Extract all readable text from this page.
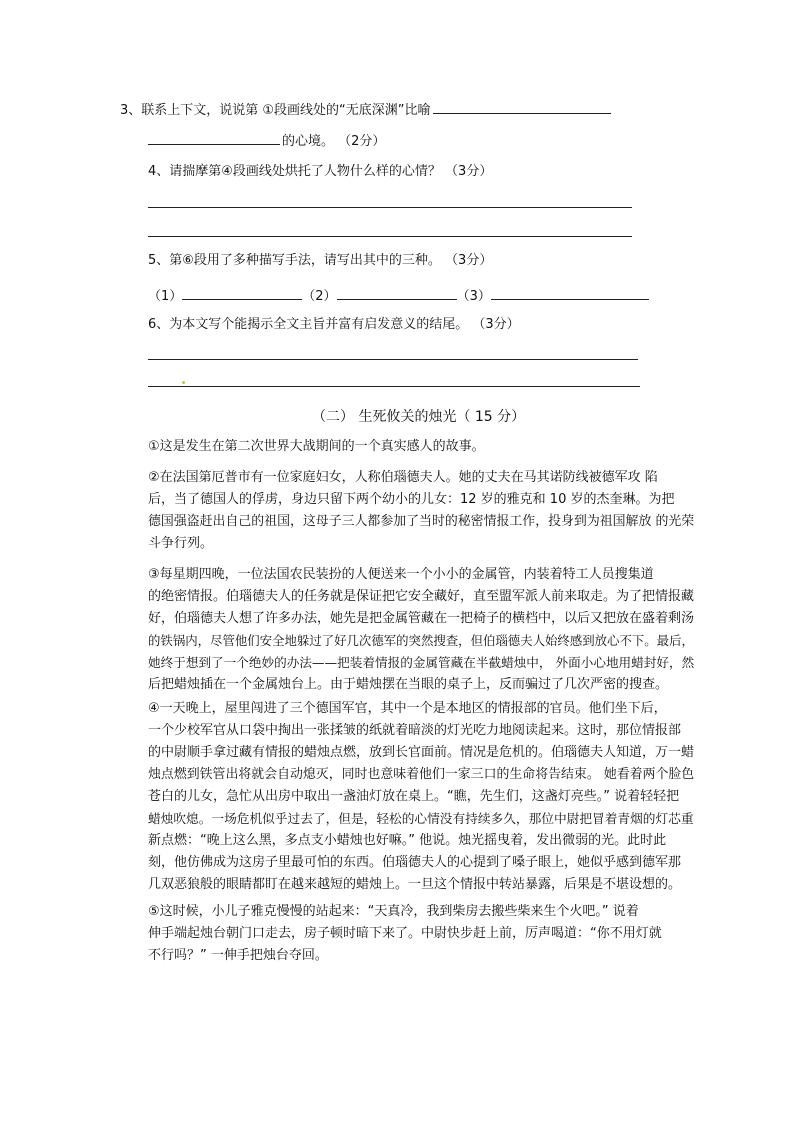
3、联系上下文，说说第 ①段画线处的“无底深渊”比喻
的心境。 （2分）
4、请揣摩第④段画线处烘托了人物什么样的心情？ （3分）
5、第⑥段用了多种描写手法，请写出其中的三种。 （3分）
（1）	（2）	（3）
6、为本文写个能揭示全文主旨并富有启发意义的结尾。 （3分）
（二） 生死攸关的烛光（ 15 分）
①这是发生在第二次世界大战期间的一个真实感人的故事。
②在法国第厄普市有一位家庭妇女，人称伯瑙德夫人。她的丈夫在马其诺防线被德军攻 陷
后，当了德国人的俘虏，身边只留下两个幼小的儿女：12 岁的雅克和 10 岁的杰奎琳。为把
德国强盗赶出自己的祖国，这母子三人都参加了当时的秘密情报工作，投身到为祖国解放 的光荣
斗争行列。
③每星期四晚，一位法国农民装扮的人便送来一个小小的金属管，内装着特工人员搜集道
的绝密情报。伯瑙德夫人的任务就是保证把它安全藏好，直至盟军派人前来取走。为了把情报藏
好，伯瑙德夫人想了许多办法，她先是把金属管藏在一把椅子的横档中，以后又把放在盛着剩汤
的铁锅内，尽管他们安全地躲过了好几次德军的突然搜查，但伯瑙德夫人始终感到放心不下。最后，
她终于想到了一个绝妙的办法——把装着情报的金属管藏在半截蜡烛中， 外面小心地用蜡封好，然
后把蜡烛插在一个金属烛台上。由于蜡烛摆在当眼的桌子上，反而骗过了几次严密的搜查。
④一天晚上，屋里闯进了三个德国军官，其中一个是本地区的情报部的官员。他们坐下后，
一个少校军官从口袋中掏出一张揉皱的纸就着暗淡的灯光吃力地阅读起来。这时，那位情报部
的中尉顺手拿过藏有情报的蜡烛点燃，放到长官面前。情况是危机的。伯瑙德夫人知道，万一蜡
烛点燃到铁管出将就会自动熄灭，同时也意味着他们一家三口的生命将告结束。 她看着两个脸色
苍白的儿女，急忙从出房中取出一盏油灯放在桌上。“瞧，先生们，这盏灯亮些。” 说着轻轻把
蜡烛吹熄。一场危机似乎过去了，但是，轻松的心情没有持续多久，那位中尉把冒着青烟的灯芯重
新点燃：“晚上这么黑，多点支小蜡烛也好嘛。” 他说。烛光摇曳着，发出微弱的光。此时此
刻，他仿佛成为这房子里最可怕的东西。伯瑙德夫人的心提到了嗓子眼上，她似乎感到德军那
几双恶狼般的眼睛都盯在越来越短的蜡烛上。一旦这个情报中转站暴露，后果是不堪设想的。
⑤这时候，小儿子雅克慢慢的站起来：“天真冷，我到柴房去搬些柴来生个火吧。” 说着
伸手端起烛台朝门口走去，房子顿时暗下来了。中尉快步赶上前，厉声喝道：“你不用灯就
不行吗？” 一伸手把烛台夺回。
